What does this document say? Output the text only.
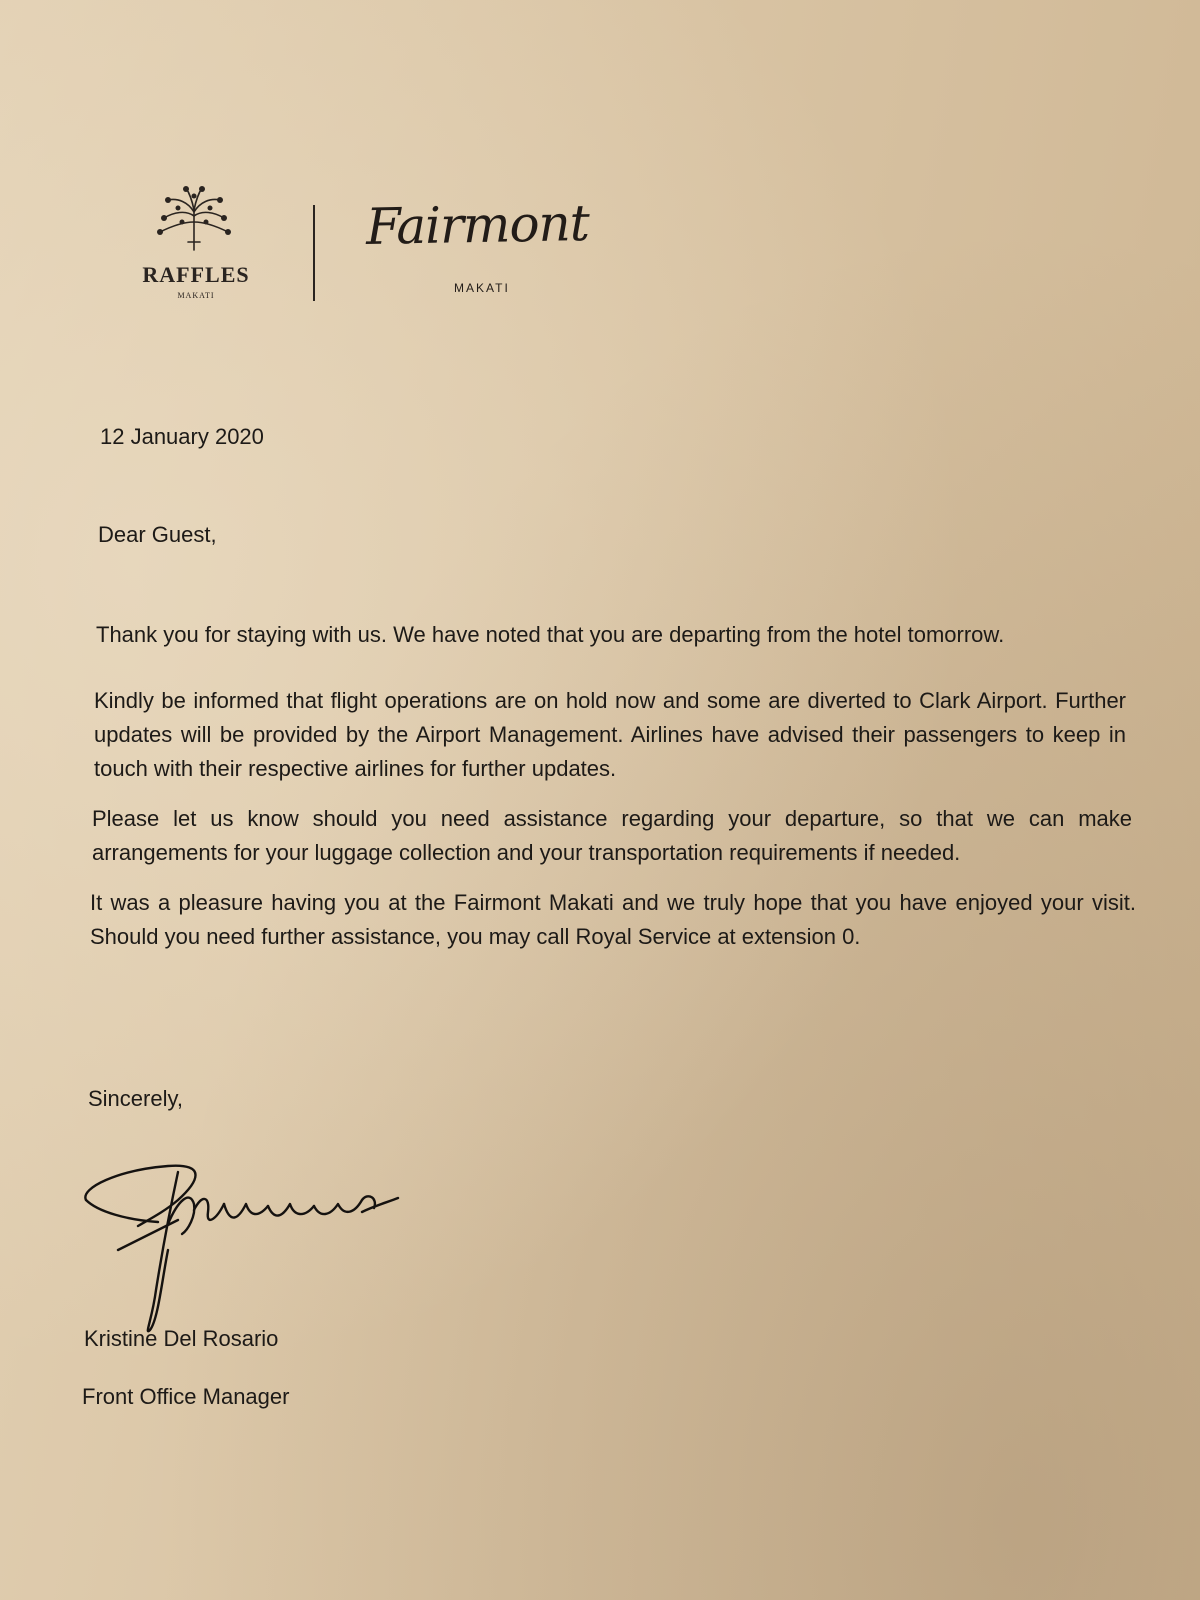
RAFFLES
MAKATI
Fairmont
MAKATI
12 January 2020
Dear Guest,
Thank you for staying with us. We have noted that you are departing from the hotel tomorrow.
Kindly be informed that flight operations are on hold now and some are diverted to Clark Airport. Further updates will be provided by the Airport Management. Airlines have advised their passengers to keep in touch with their respective airlines for further updates.
Please let us know should you need assistance regarding your departure, so that we can make arrangements for your luggage collection and your transportation requirements if needed.
It was a pleasure having you at the Fairmont Makati and we truly hope that you have enjoyed your visit. Should you need further assistance, you may call Royal Service at extension 0.
Sincerely,
Kristine Del Rosario
Front Office Manager
